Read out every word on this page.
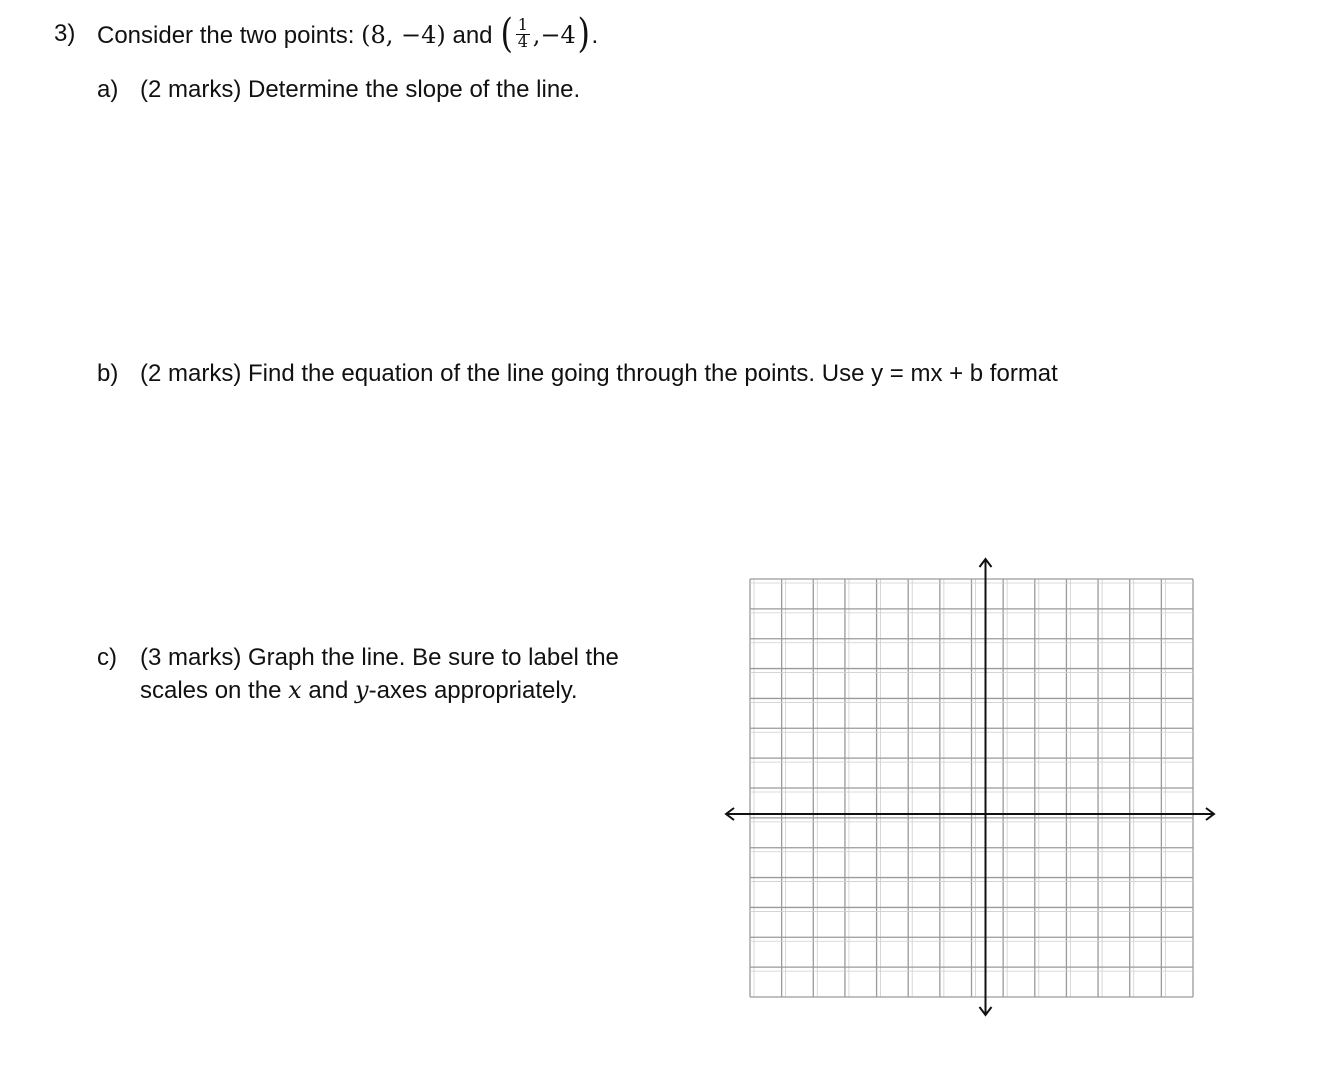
3) Consider the two points: (8, −4) and ( $\frac{1}{4} ,-4$).
a) (2 marks) Determine the slope of the line.
b) (2 marks) Find the equation of the line going through the points. Use y = mx + b format
c) (3 marks) Graph the line. Be sure to label the
scales on the x and y-axes appropriately.
